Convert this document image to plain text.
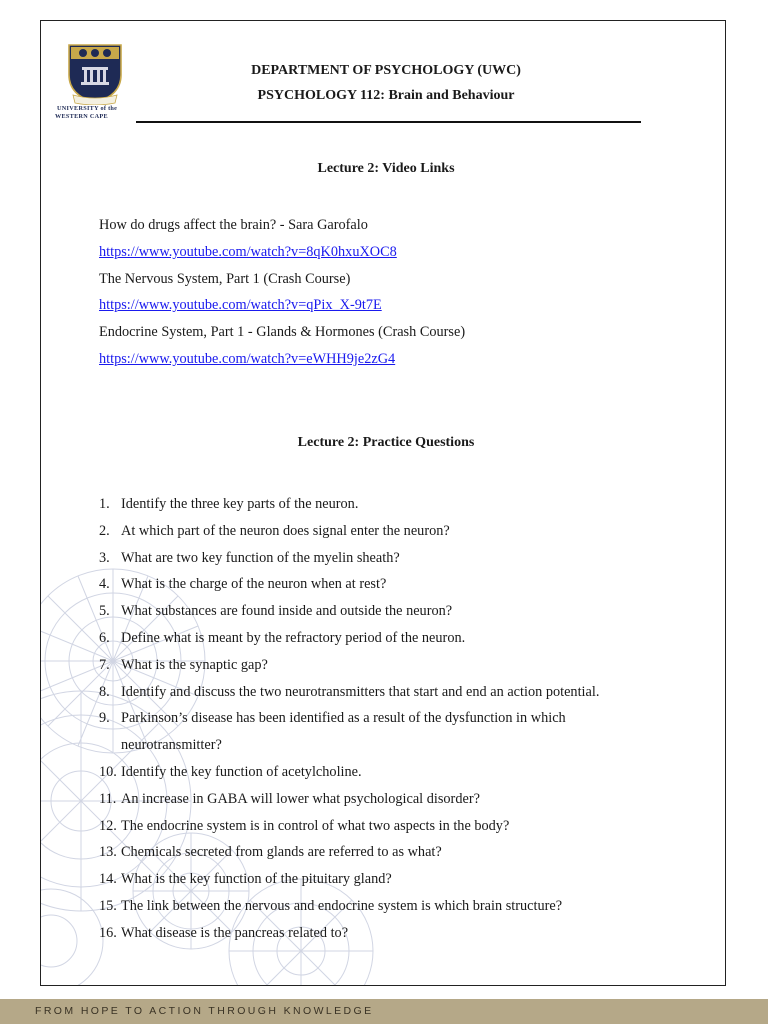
UNIVERSITY of the
WESTERN CAPE
DEPARTMENT OF PSYCHOLOGY (UWC)
PSYCHOLOGY 112: Brain and Behaviour
Lecture 2: Video Links
How do drugs affect the brain? - Sara Garofalo
https://www.youtube.com/watch?v=8qK0hxuXOC8
The Nervous System, Part 1 (Crash Course)
https://www.youtube.com/watch?v=qPix_X-9t7E
Endocrine System, Part 1 - Glands & Hormones (Crash Course)
https://www.youtube.com/watch?v=eWHH9je2zG4
Lecture 2: Practice Questions
1. Identify the three key parts of the neuron.
2. At which part of the neuron does signal enter the neuron?
3. What are two key function of the myelin sheath?
4. What is the charge of the neuron when at rest?
5. What substances are found inside and outside the neuron?
6. Define what is meant by the refractory period of the neuron.
7. What is the synaptic gap?
8. Identify and discuss the two neurotransmitters that start and end an action potential.
9. Parkinson’s disease has been identified as a result of the dysfunction in which neurotransmitter?
10. Identify the key function of acetylcholine.
11. An increase in GABA will lower what psychological disorder?
12. The endocrine system is in control of what two aspects in the body?
13. Chemicals secreted from glands are referred to as what?
14. What is the key function of the pituitary gland?
15. The link between the nervous and endocrine system is which brain structure?
16. What disease is the pancreas related to?
FROM HOPE TO ACTION THROUGH KNOWLEDGE
